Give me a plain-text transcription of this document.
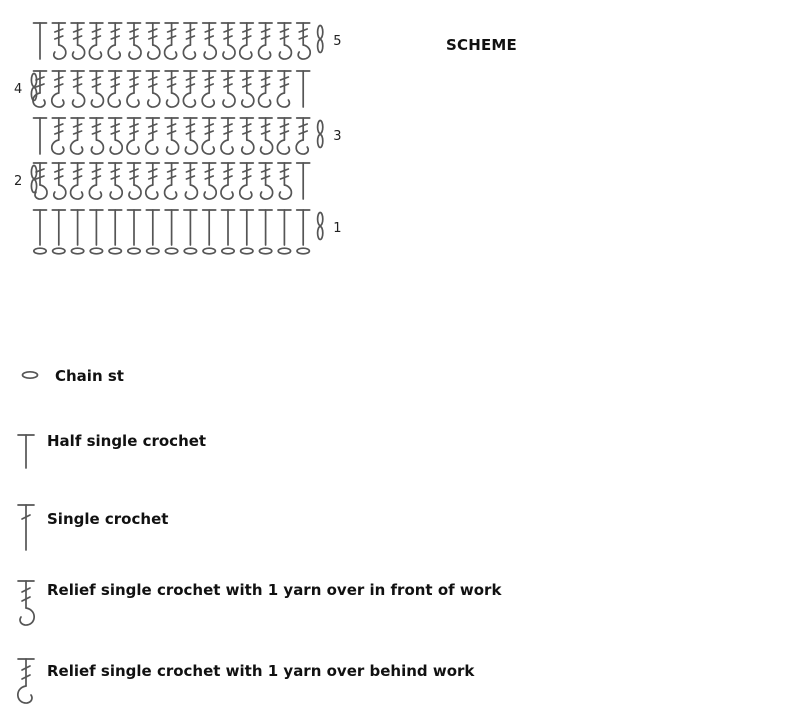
1
2
3
4
5	SCHEME
Chain st
Half single crochet
Single crochet
Relief single crochet with 1 yarn over in front of work
Relief single crochet with 1 yarn over behind work
